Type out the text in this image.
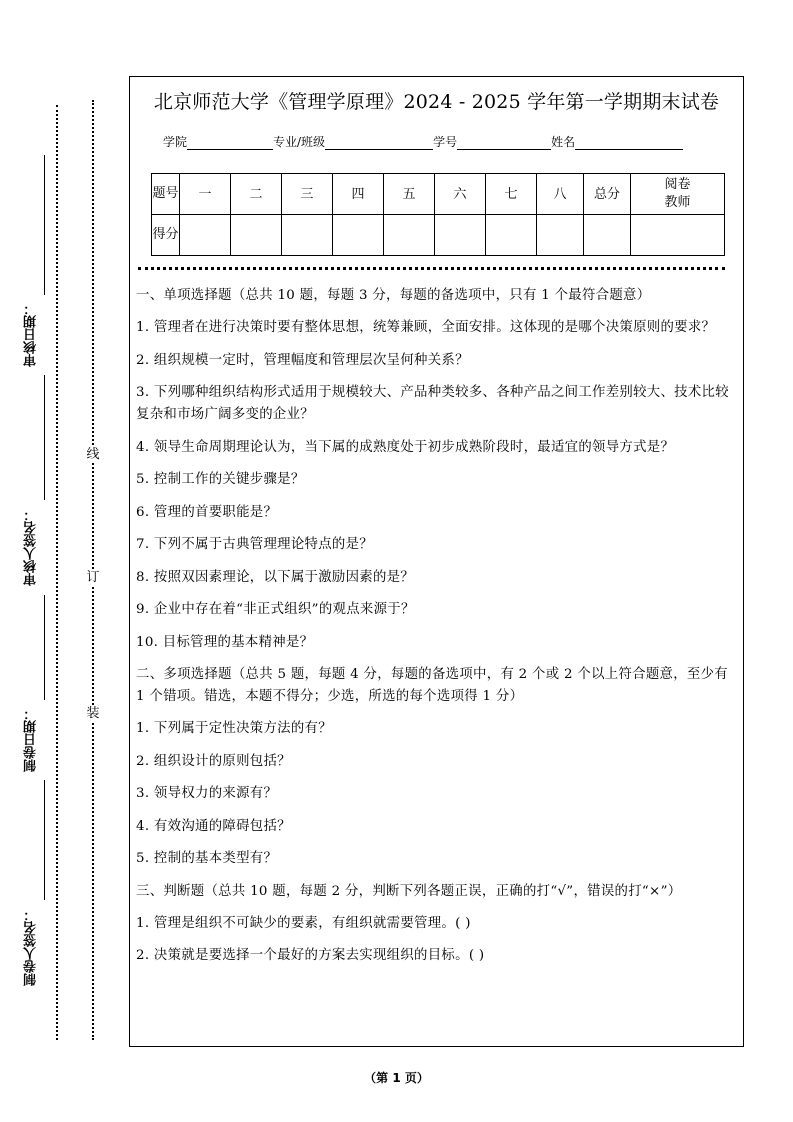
审核日期：
审核人签名：
制卷日期：
制卷人签名：
线
订
装
北京师范大学《管理学原理》2024 - 2025 学年第一学期期末试卷
学院	专业/班级	学号	姓名
题号	一	二	三	四	五	六	七	八	总分	阅卷教师
得分										

一、单项选择题（总共 10 题，每题 3 分，每题的备选项中，只有 1 个最符合题意）

1. 管理者在进行决策时要有整体思想，统筹兼顾，全面安排。这体现的是哪个决策原则的要求？

2. 组织规模一定时，管理幅度和管理层次呈何种关系？

3. 下列哪种组织结构形式适用于规模较大、产品种类较多、各种产品之间工作差别较大、技术比较复杂和市场广阔多变的企业？

4. 领导生命周期理论认为，当下属的成熟度处于初步成熟阶段时，最适宜的领导方式是？

5. 控制工作的关键步骤是？

6. 管理的首要职能是？

7. 下列不属于古典管理理论特点的是？

8. 按照双因素理论，以下属于激励因素的是？

9. 企业中存在着“非正式组织”的观点来源于？

10. 目标管理的基本精神是？

二、多项选择题（总共 5 题，每题 4 分，每题的备选项中，有 2 个或 2 个以上符合题意，至少有 1 个错项。错选，本题不得分；少选，所选的每个选项得 1 分）

1. 下列属于定性决策方法的有？

2. 组织设计的原则包括？

3. 领导权力的来源有？

4. 有效沟通的障碍包括？

5. 控制的基本类型有？

三、判断题（总共 10 题，每题 2 分，判断下列各题正误，正确的打“√”，错误的打“×”）

1. 管理是组织不可缺少的要素，有组织就需要管理。( )

2. 决策就是要选择一个最好的方案去实现组织的目标。( )

（第 1 页）
